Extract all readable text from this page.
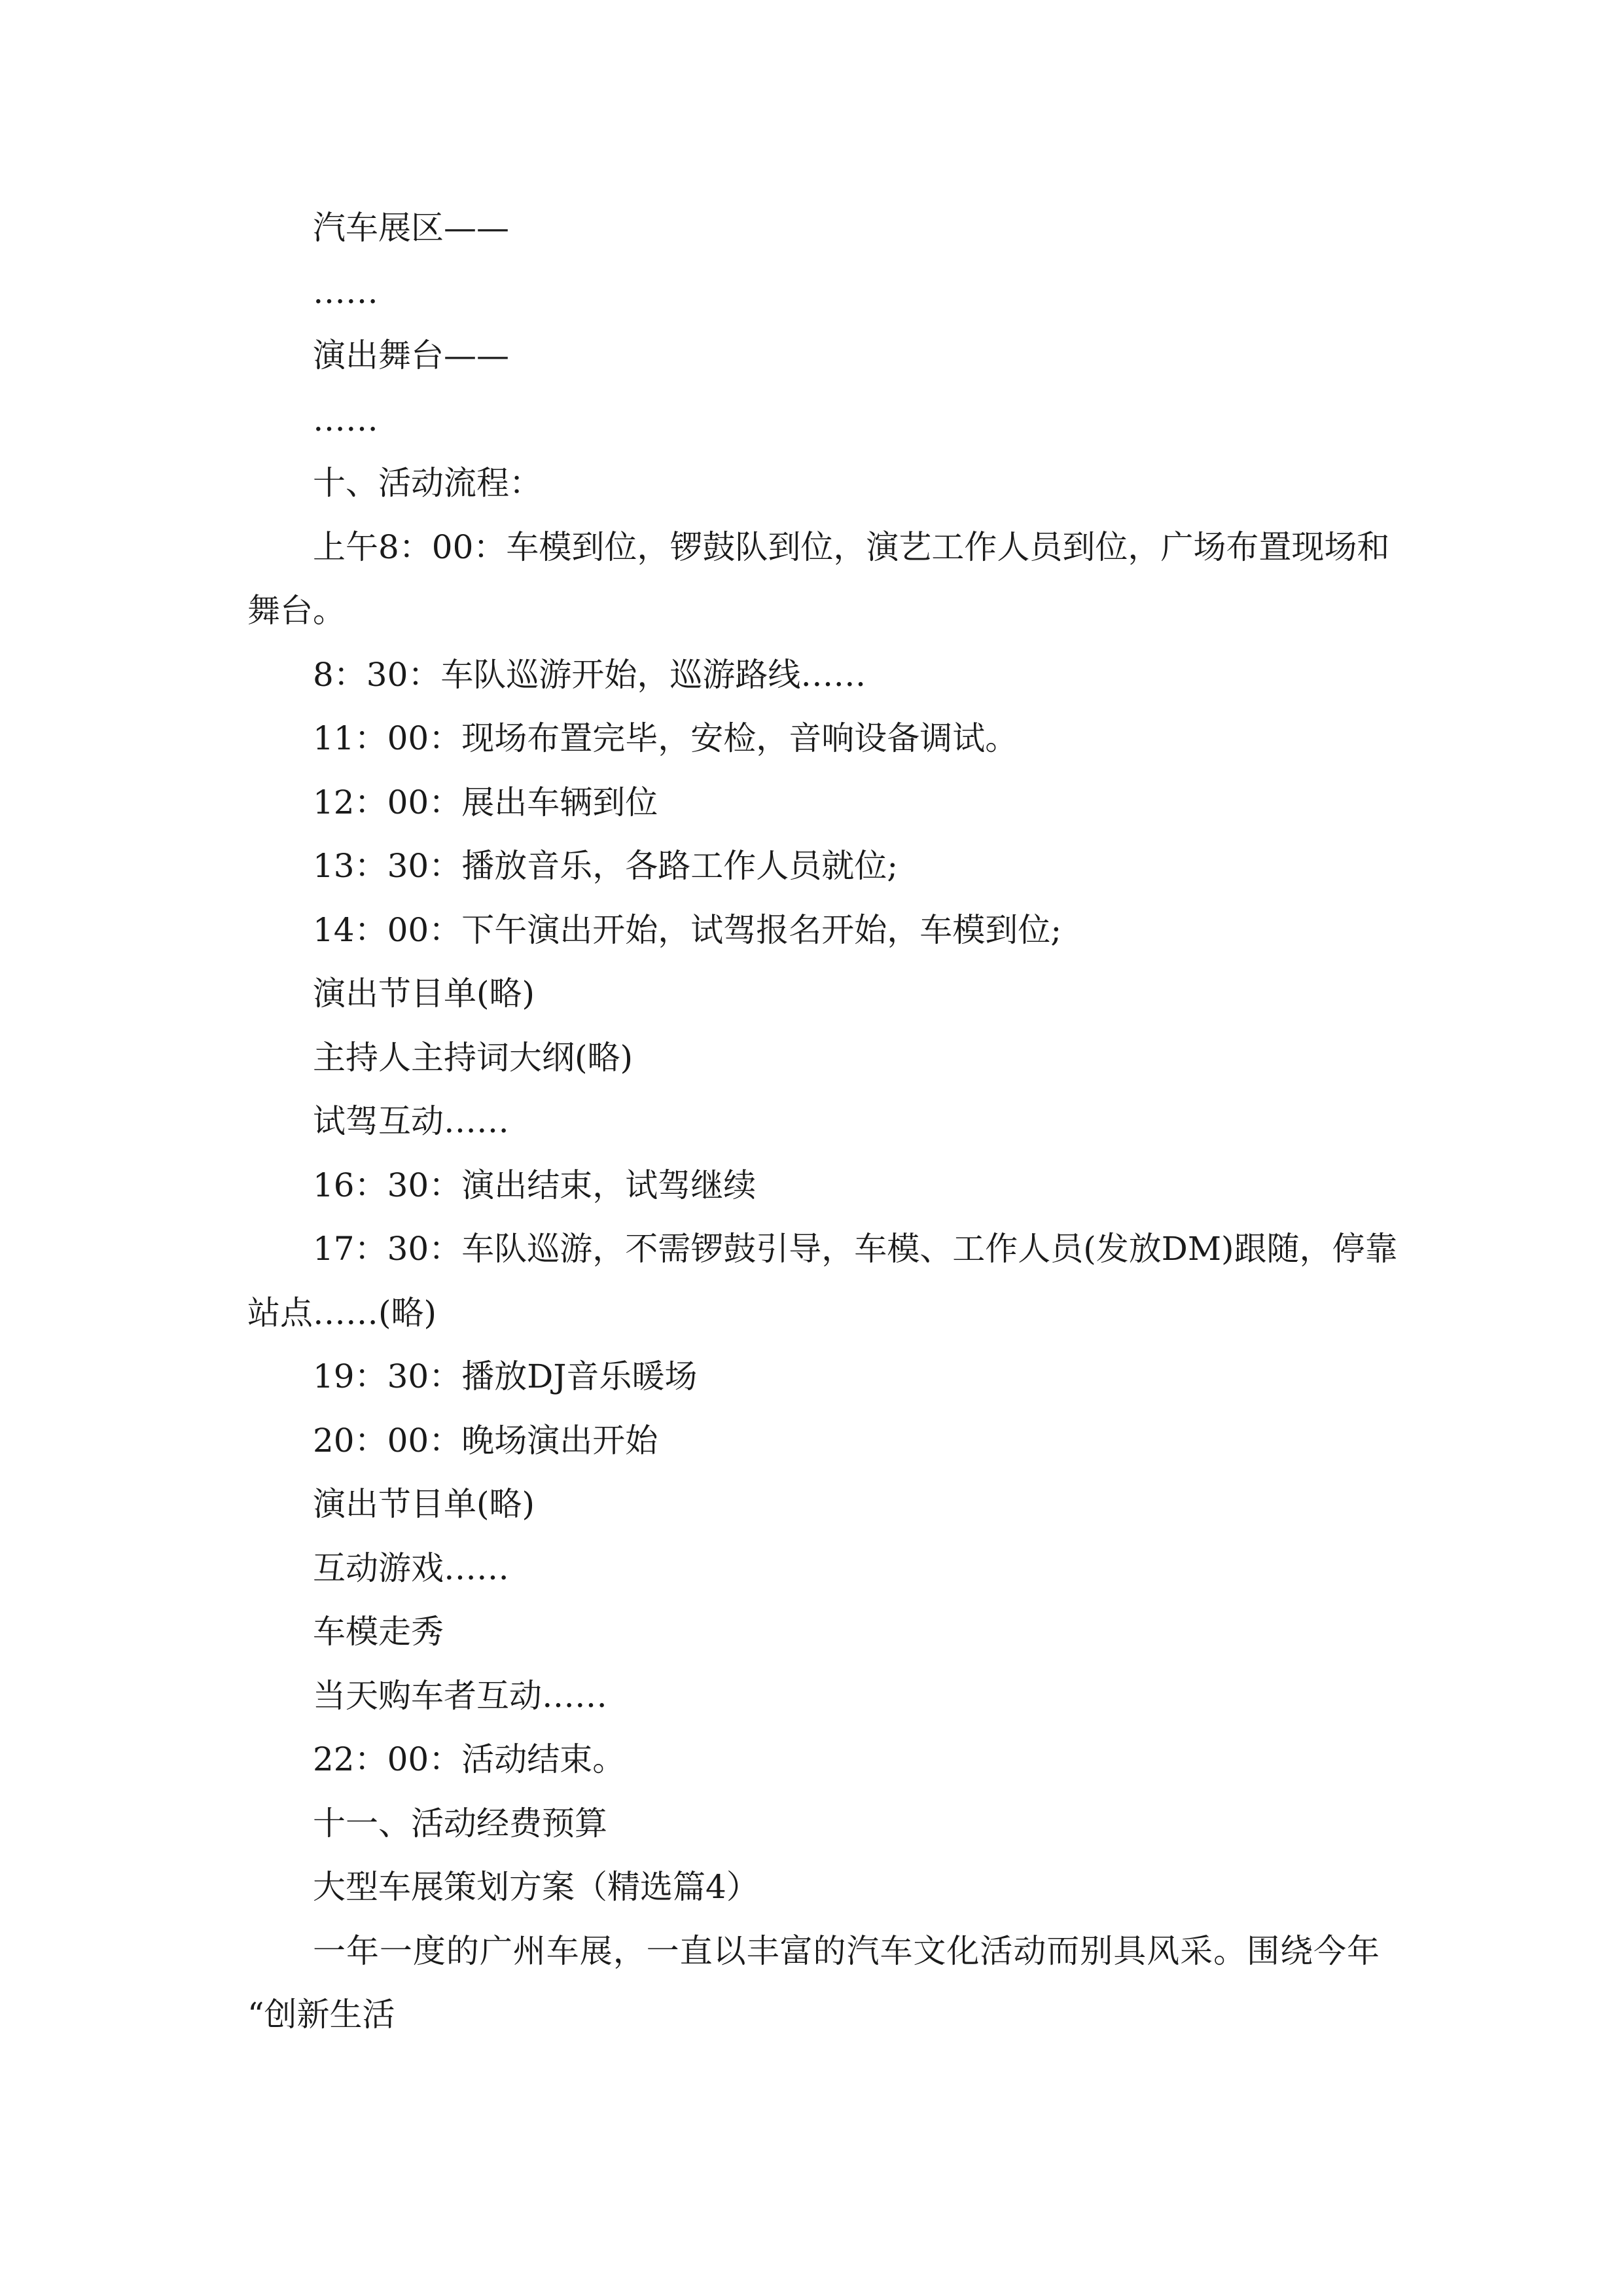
汽车展区——

……

演出舞台——

……

十、活动流程：

上午8：00：车模到位，锣鼓队到位，演艺工作人员到位，广场布置现场和

舞台。

8：30：车队巡游开始，巡游路线……

11：00：现场布置完毕，安检，音响设备调试。

12：00：展出车辆到位

13：30：播放音乐，各路工作人员就位;

14：00：下午演出开始，试驾报名开始，车模到位;

演出节目单(略)

主持人主持词大纲(略)

试驾互动……

16：30：演出结束，试驾继续

17：30：车队巡游，不需锣鼓引导，车模、工作人员(发放DM)跟随，停靠

站点……(略)

19：30：播放DJ音乐暖场

20：00：晚场演出开始

演出节目单(略)

互动游戏……

车模走秀

当天购车者互动……

22：00：活动结束。

十一、活动经费预算

大型车展策划方案（精选篇4）

一年一度的广州车展，一直以丰富的汽车文化活动而别具风采。围绕今年

“创新生活
